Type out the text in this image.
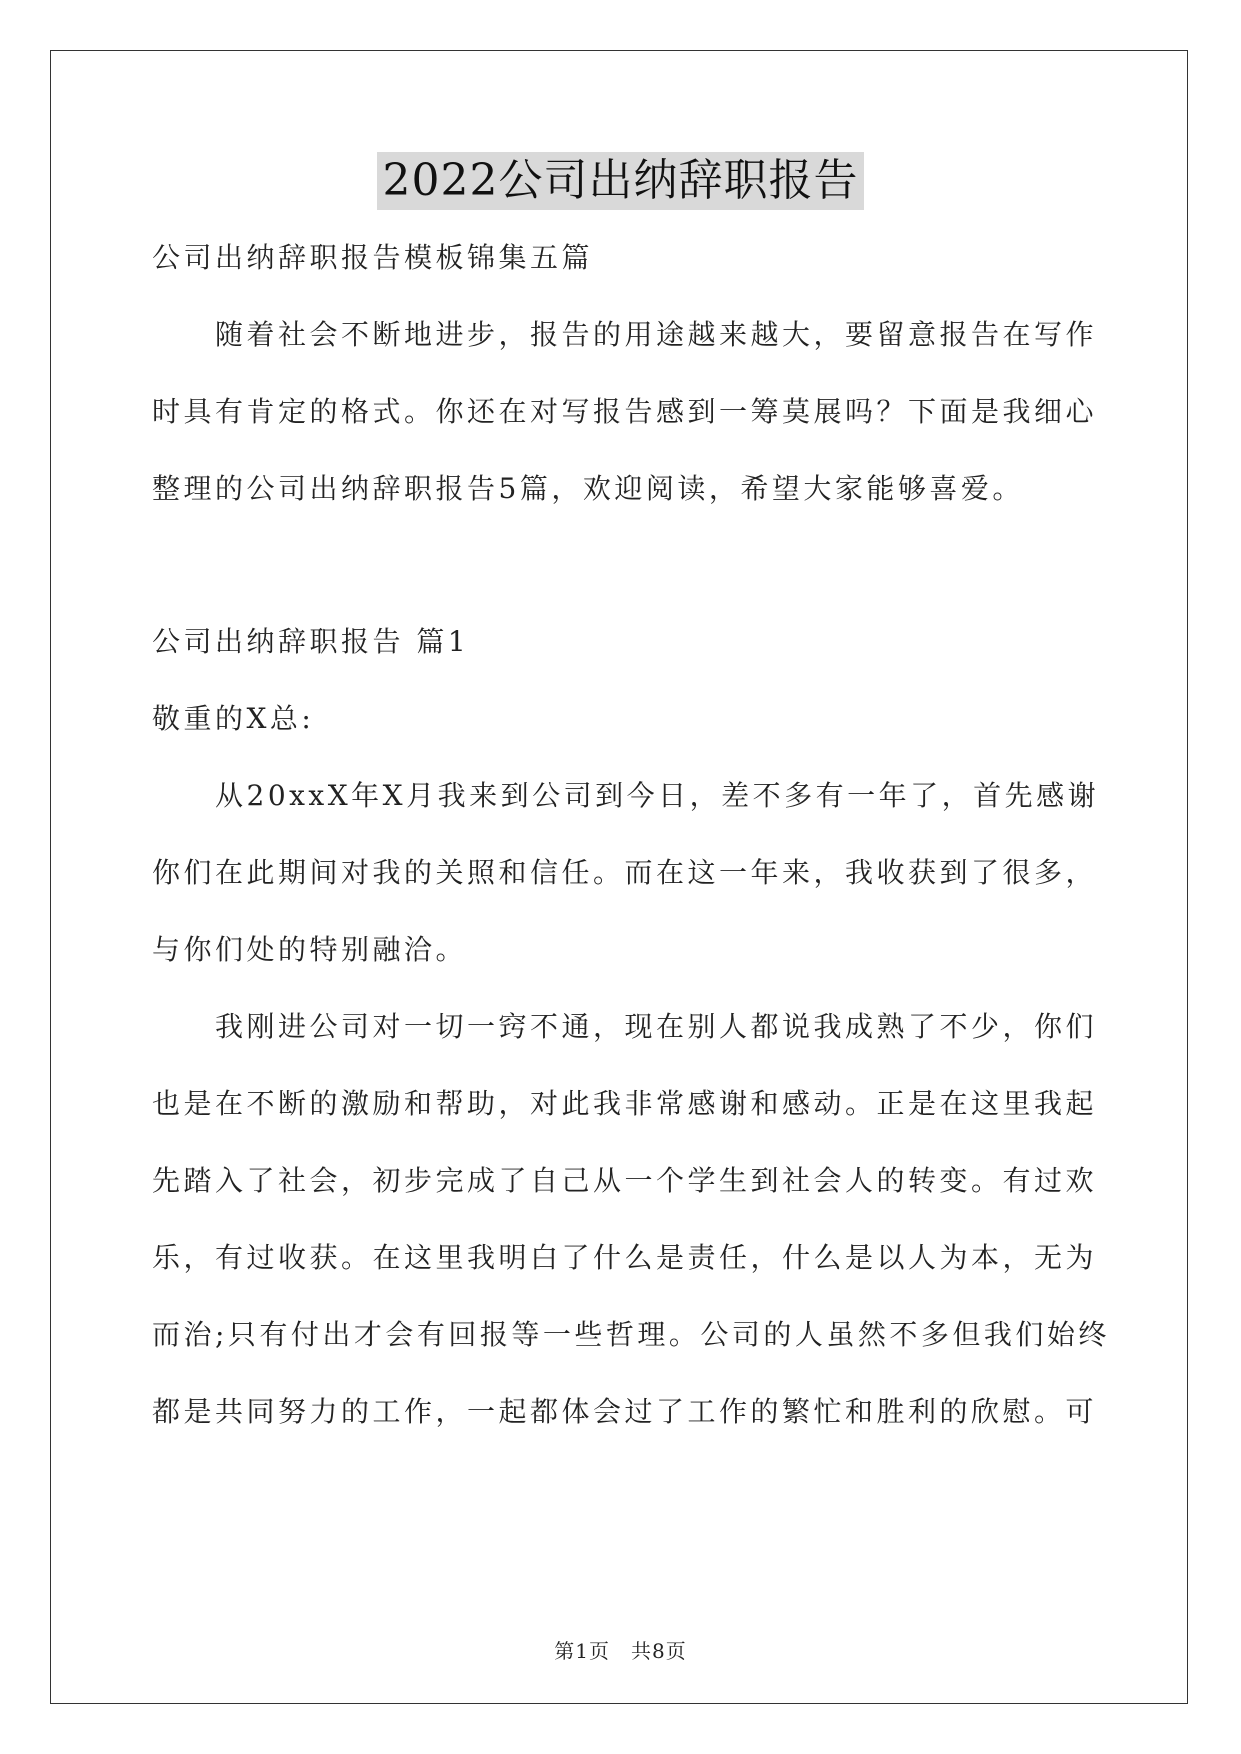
2022公司出纳辞职报告
公司出纳辞职报告模板锦集五篇
　　随着社会不断地进步，报告的用途越来越大，要留意报告在写作
时具有肯定的格式。你还在对写报告感到一筹莫展吗？下面是我细心
整理的公司出纳辞职报告5篇，欢迎阅读，希望大家能够喜爱。
公司出纳辞职报告 篇1
敬重的X总:
　　从20xxX年X月我来到公司到今日，差不多有一年了，首先感谢
你们在此期间对我的关照和信任。而在这一年来，我收获到了很多，
与你们处的特别融洽。
　　我刚进公司对一切一窍不通，现在别人都说我成熟了不少，你们
也是在不断的激励和帮助，对此我非常感谢和感动。正是在这里我起
先踏入了社会，初步完成了自己从一个学生到社会人的转变。有过欢
乐，有过收获。在这里我明白了什么是责任，什么是以人为本，无为
而治;只有付出才会有回报等一些哲理。公司的人虽然不多但我们始终
都是共同努力的工作，一起都体会过了工作的繁忙和胜利的欣慰。可
第1页　共8页
